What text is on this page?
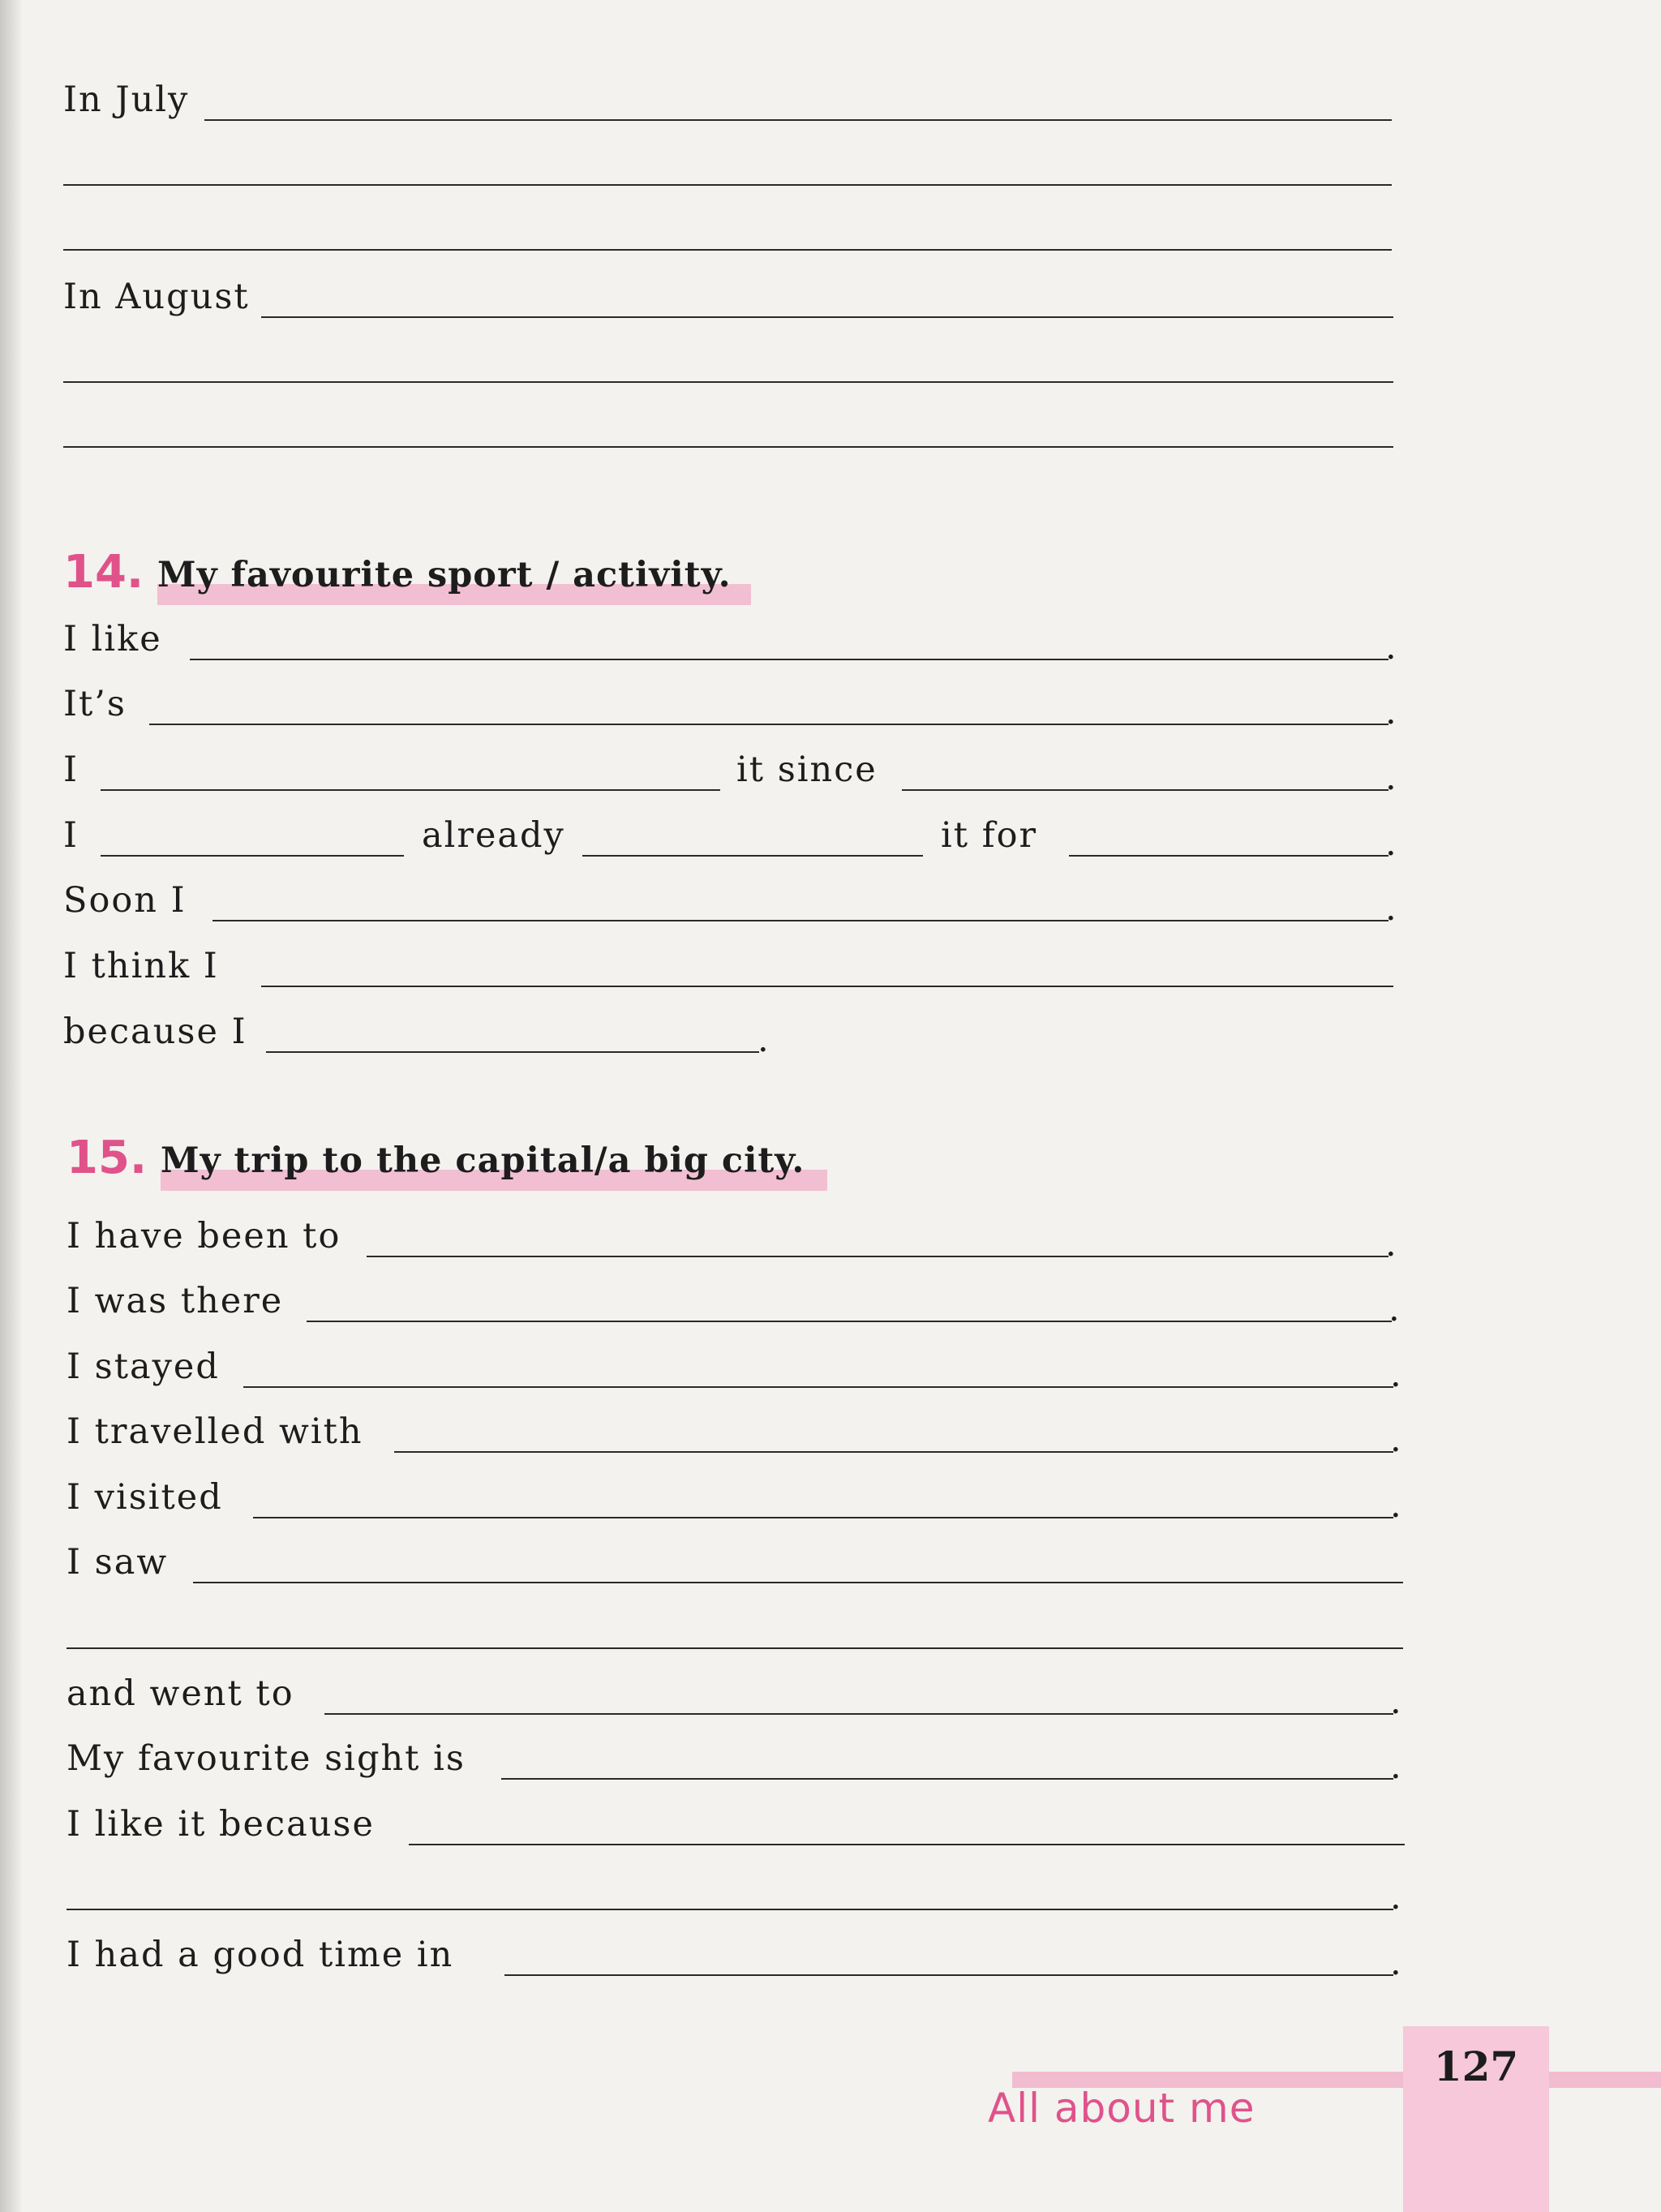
In July
In August
14. My favourite sport / activity.
I like	.
It’s	.
I	it since	.
I	already	it for	.
Soon I	.
I think I
because I	.
15. My trip to the capital/a big city.
I have been to	.
I was there	.
I stayed	.
I travelled with	.
I visited	.
I saw
and went to	.
My favourite sight is	.
I like it because
.
I had a good time in	.
127
All about me
